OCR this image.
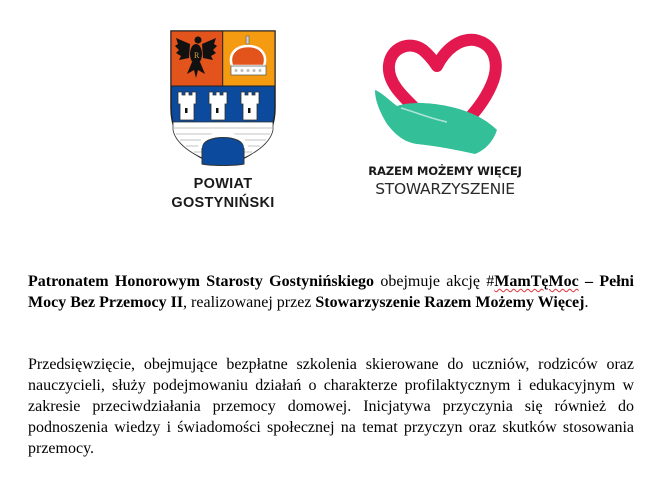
R
POWIAT
GOSTYNIŃSKI
RAZEM MOŻEMY WIĘCEJ
STOWARZYSZENIE
Patronatem Honorowym Starosty Gostynińskiego obejmuje akcję #MamTęMoc – Pełni Mocy Bez Przemocy II, realizowanej przez Stowarzyszenie Razem Możemy Więcej.
Przedsięwzięcie, obejmujące bezpłatne szkolenia skierowane do uczniów, rodziców oraz nauczycieli, służy podejmowaniu działań o charakterze profilaktycznym i edukacyjnym w zakresie przeciwdziałania przemocy domowej. Inicjatywa przyczynia się również do podnoszenia wiedzy i świadomości społecznej na temat przyczyn oraz skutków stosowania przemocy.
